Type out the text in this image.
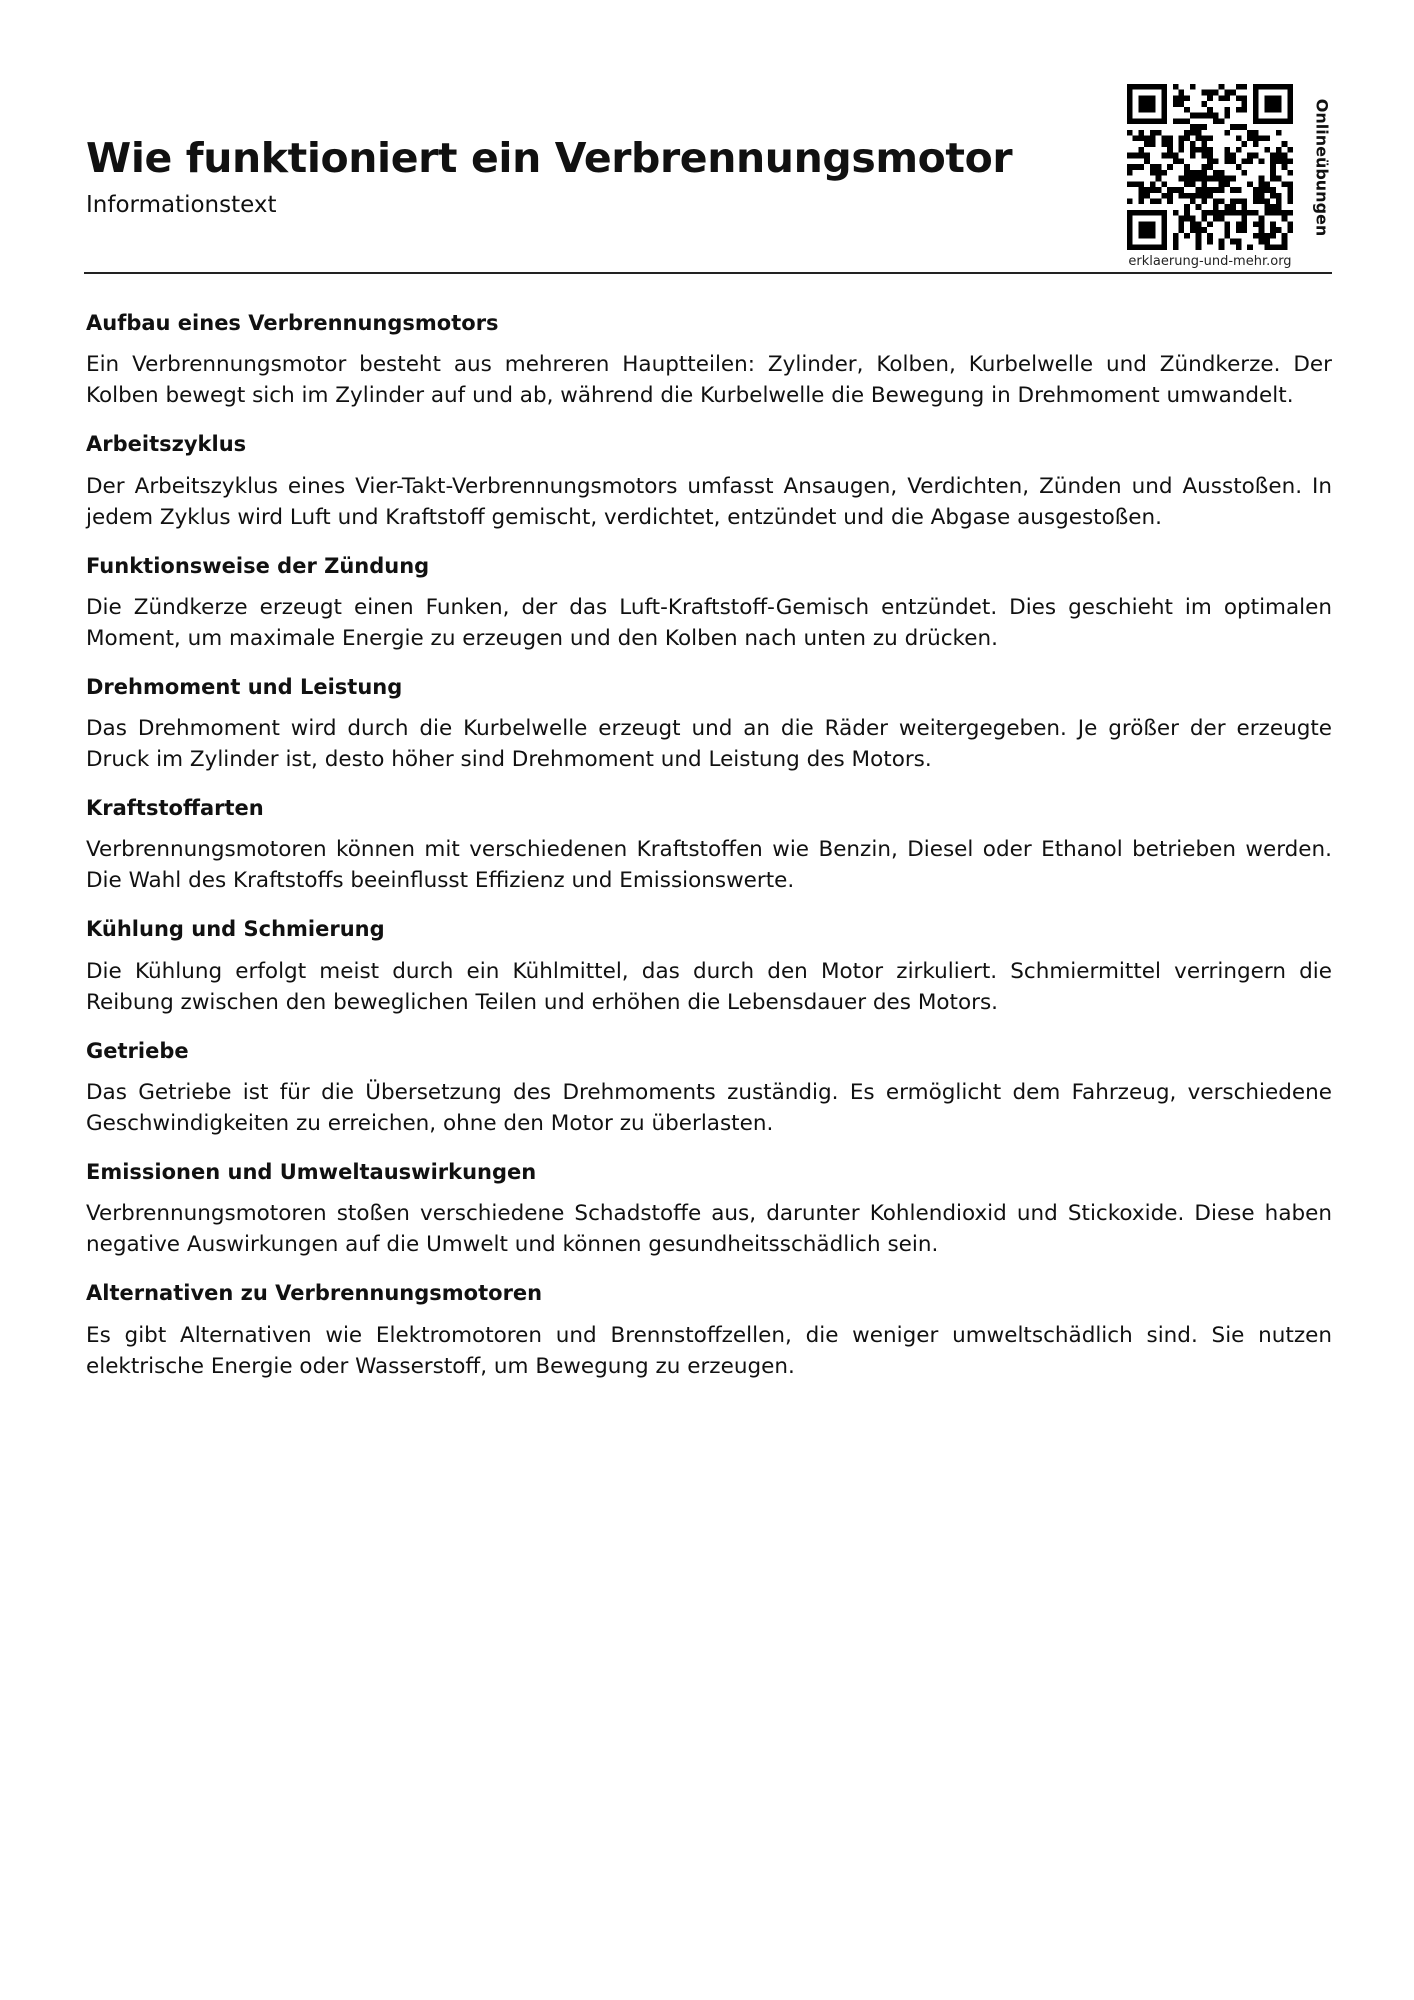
Wie funktioniert ein Verbrennungsmotor
Informationstext
erklaerung-und-mehr.org
Onlineübungen
Aufbau eines Verbrennungsmotors

Ein Verbrennungsmotor besteht aus mehreren Hauptteilen: Zylinder, Kolben, Kurbelwelle und Zündkerze. Der Kolben bewegt sich im Zylinder auf und ab, während die Kurbelwelle die Bewegung in Drehmoment umwandelt.

Arbeitszyklus

Der Arbeitszyklus eines Vier-Takt-Verbrennungsmotors umfasst Ansaugen, Verdichten, Zünden und Ausstoßen. In jedem Zyklus wird Luft und Kraftstoff gemischt, verdichtet, entzündet und die Abgase ausgestoßen.

Funktionsweise der Zündung

Die Zündkerze erzeugt einen Funken, der das Luft-Kraftstoff-Gemisch entzündet. Dies geschieht im optimalen Moment, um maximale Energie zu erzeugen und den Kolben nach unten zu drücken.

Drehmoment und Leistung

Das Drehmoment wird durch die Kurbelwelle erzeugt und an die Räder weitergegeben. Je größer der erzeugte Druck im Zylinder ist, desto höher sind Drehmoment und Leistung des Motors.

Kraftstoffarten

Verbrennungsmotoren können mit verschiedenen Kraftstoffen wie Benzin, Diesel oder Ethanol betrieben werden. Die Wahl des Kraftstoffs beeinflusst Effizienz und Emissionswerte.

Kühlung und Schmierung

Die Kühlung erfolgt meist durch ein Kühlmittel, das durch den Motor zirkuliert. Schmiermittel verringern die Reibung zwischen den beweglichen Teilen und erhöhen die Lebensdauer des Motors.

Getriebe

Das Getriebe ist für die Übersetzung des Drehmoments zuständig. Es ermöglicht dem Fahrzeug, verschiedene Geschwindigkeiten zu erreichen, ohne den Motor zu überlasten.

Emissionen und Umweltauswirkungen

Verbrennungsmotoren stoßen verschiedene Schadstoffe aus, darunter Kohlendioxid und Stickoxide. Diese haben negative Auswirkungen auf die Umwelt und können gesundheitsschädlich sein.

Alternativen zu Verbrennungsmotoren

Es gibt Alternativen wie Elektromotoren und Brennstoffzellen, die weniger umweltschädlich sind. Sie nutzen elektrische Energie oder Wasserstoff, um Bewegung zu erzeugen.
